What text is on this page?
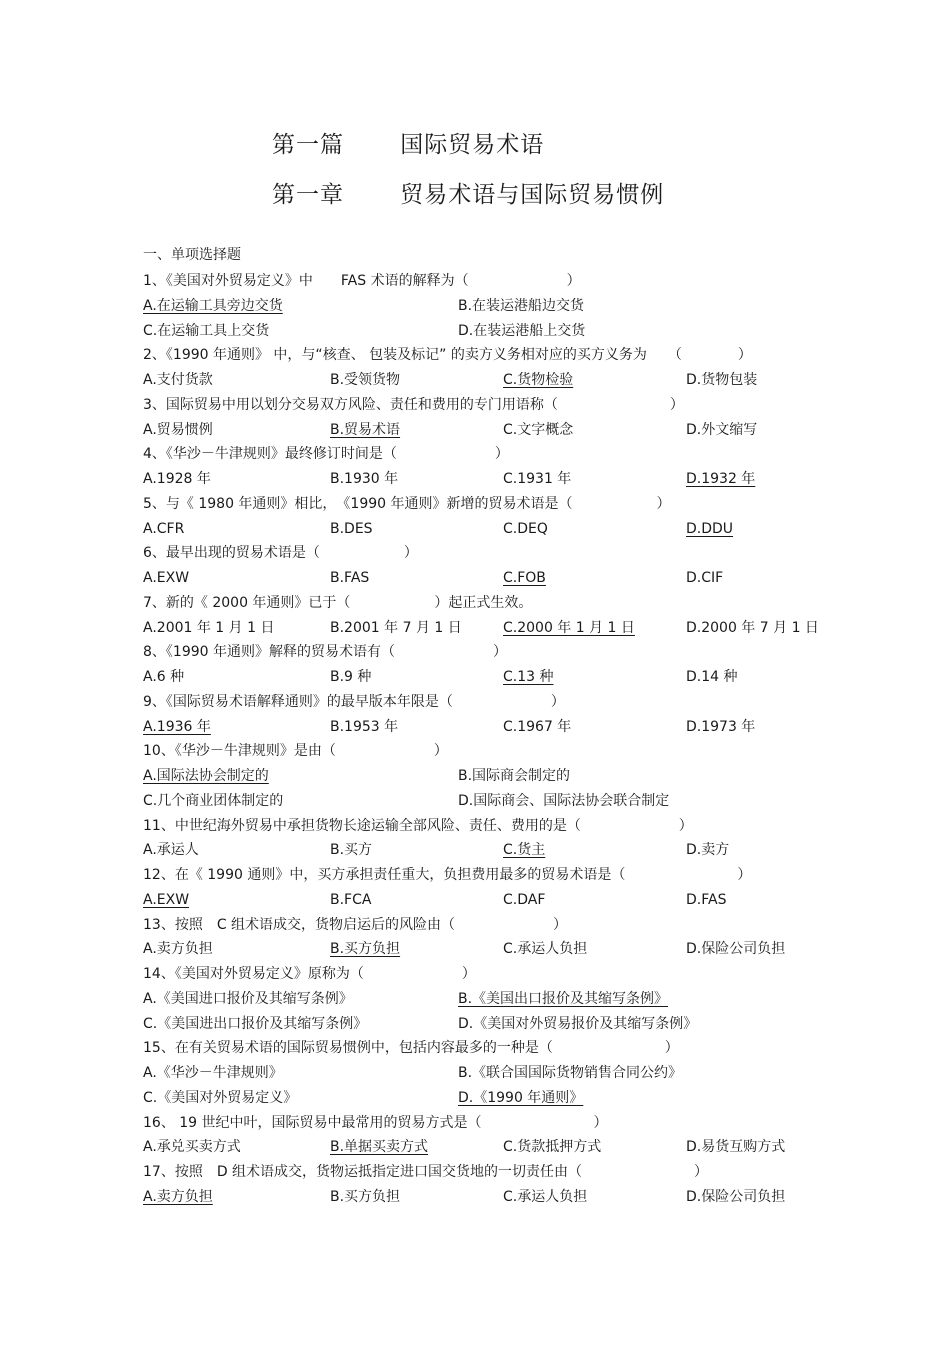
第一篇　　 国际贸易术语
第一章　　 贸易术语与国际贸易惯例
一、单项选择题
1、《美国对外贸易定义》中　　FAS 术语的解释为（　　　　　　　）
A.在运输工具旁边交货	B.在装运港船边交货
C.在运输工具上交货	D.在装运港船上交货
2、《1990 年通则》 中，与“核查、 包装及标记” 的卖方义务相对应的买方义务为　　（　　　　）
A.支付货款	B.受领货物	C.货物检验	D.货物包装
3、国际贸易中用以划分交易双方风险、责任和费用的专门用语称（　　　　　　　　）
A.贸易惯例	B.贸易术语	C.文字概念	D.外文缩写
4、《华沙－牛津规则》最终修订时间是（　　　　　　　）
A.1928 年	B.1930 年	C.1931 年	D.1932 年
5、与《 1980 年通则》相比，　《1990 年通则》新增的贸易术语是（　　　　　　）
A.CFR	B.DES	C.DEQ	D.DDU
6、最早出现的贸易术语是（　　　　　　）
A.EXW	B.FAS	C.FOB	D.CIF
7、新的《 2000 年通则》已于（　　　　　　）起正式生效。
A.2001 年 1 月 1 日	B.2001 年 7 月 1 日	C.2000 年 1 月 1 日	D.2000 年 7 月 1 日
8、《1990 年通则》解释的贸易术语有（　　　　　　　）
A.6 种	B.9 种	C.13 种	D.14 种
9、《国际贸易术语解释通则》的最早版本年限是（　　　　　　　）
A.1936 年	B.1953 年	C.1967 年	D.1973 年
10、《华沙－牛津规则》是由（　　　　　　　）
A.国际法协会制定的	B.国际商会制定的
C.几个商业团体制定的	D.国际商会、国际法协会联合制定
11、中世纪海外贸易中承担货物长途运输全部风险、责任、费用的是（　　　　　　　）
A.承运人	B.买方	C.货主	D.卖方
12、在《 1990 通则》中，买方承担责任重大，负担费用最多的贸易术语是（　　　　　　　　）
A.EXW	B.FCA	C.DAF	D.FAS
13、按照　C 组术语成交，货物启运后的风险由（　　　　　　　）
A.卖方负担	B.买方负担	C.承运人负担	D.保险公司负担
14、《美国对外贸易定义》原称为（　　　　　　　）
A.《美国进口报价及其缩写条例》	B.《美国出口报价及其缩写条例》
C.《美国进出口报价及其缩写条例》	D.《美国对外贸易报价及其缩写条例》
15、在有关贸易术语的国际贸易惯例中，包括内容最多的一种是（　　　　　　　　）
A.《华沙－牛津规则》	B.《联合国国际货物销售合同公约》
C.《美国对外贸易定义》	D.《1990 年通则》
16、 19 世纪中叶，国际贸易中最常用的贸易方式是（　　　　　　　　）
A.承兑买卖方式	B.单据买卖方式	C.货款抵押方式	D.易货互购方式
17、按照　D 组术语成交，货物运抵指定进口国交货地的一切责任由（　　　　　　　　）
A.卖方负担	B.买方负担	C.承运人负担	D.保险公司负担
